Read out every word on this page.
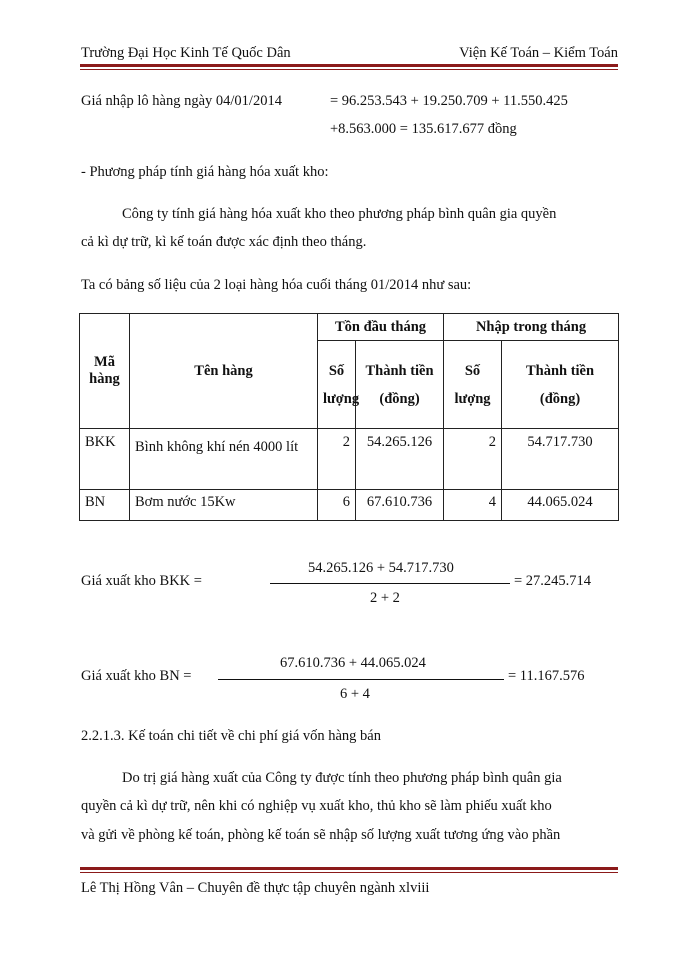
Trường Đại Học Kinh Tế Quốc Dân	Viện Kế Toán – Kiểm Toán
Giá nhập lô hàng ngày 04/01/2014	= 96.253.543 + 19.250.709 + 11.550.425
+8.563.000 = 135.617.677 đồng
- Phương pháp tính giá hàng hóa xuất kho:
Công ty tính giá hàng hóa xuất kho theo phương pháp bình quân gia quyền
cả kì dự trữ, kì kế toán được xác định theo tháng.
Ta có bảng số liệu của 2 loại hàng hóa cuối tháng 01/2014 như sau:
Mã hàng	Tên hàng	Tồn đầu tháng		Nhập trong tháng	
		Số lượng	Thành tiền (đồng)	Số lượng	Thành tiền (đồng)
BKK	Bình không khí nén 4000 lít	2	54.265.126	2	54.717.730
BN	Bơm nước 15Kw	6	67.610.736	4	44.065.024
Giá xuất kho BKK =
54.265.126 + 54.717.730
2 + 2
= 27.245.714
Giá xuất kho BN =
67.610.736 + 44.065.024
6 + 4
= 11.167.576
2.2.1.3. Kế toán chi tiết về chi phí giá vốn hàng bán
Do trị giá hàng xuất của Công ty được tính theo phương pháp bình quân gia
quyền cả kì dự trữ, nên khi có nghiệp vụ xuất kho, thủ kho sẽ làm phiếu xuất kho
và gửi về phòng kế toán, phòng kế toán sẽ nhập số lượng xuất tương ứng vào phần
Lê Thị Hồng Vân – Chuyên đề thực tập chuyên ngành xlviii
